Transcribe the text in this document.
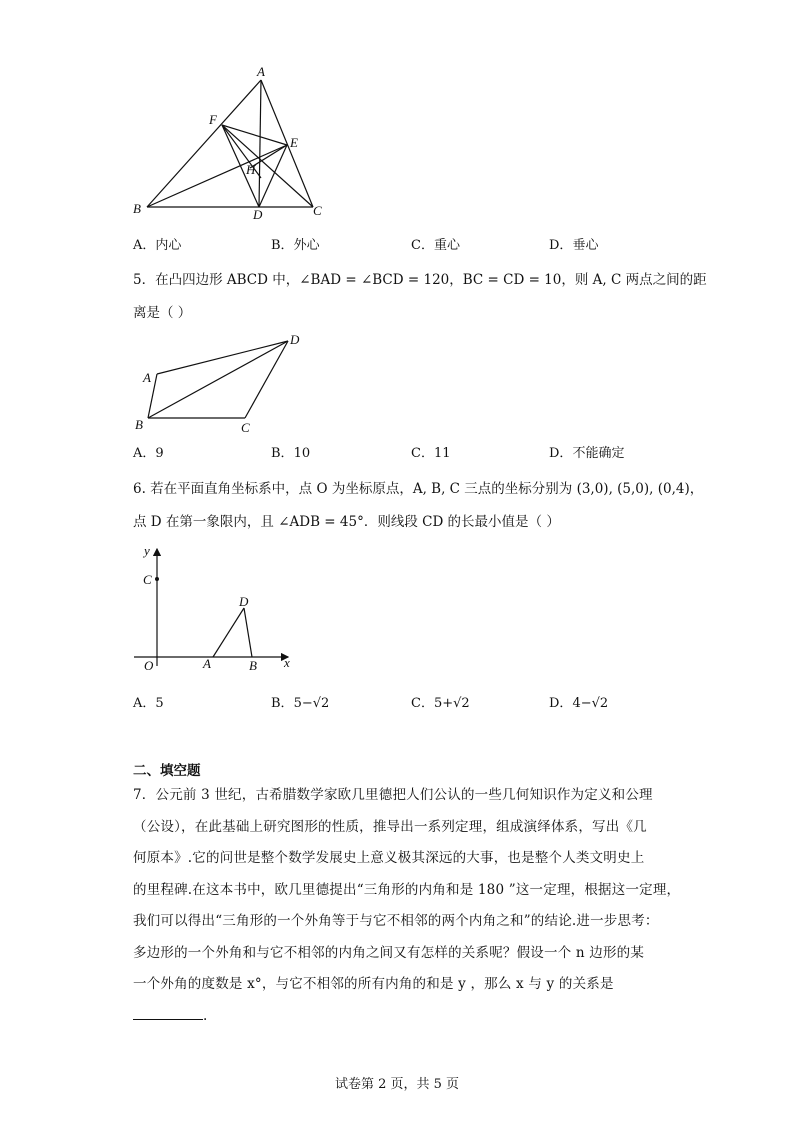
A
F
E
H
B	D	C
A．内心	B．外心	C．重心	D．垂心
5．在凸四边形 ABCD 中，∠BAD = ∠BCD = 120，BC = CD = 10，则 A, C 两点之间的距
离是（ ）
A
D
B	C
A．9	B．10	C．11	D．不能确定
6. 若在平面直角坐标系中，点 O 为坐标原点，A, B, C 三点的坐标分别为 (3,0), (5,0), (0,4)，
点 D 在第一象限内，且 ∠ADB = 45°．则线段 CD 的长最小值是（ ）
y
C
D
O	A	B x
A．5	B．5−√2	C．5+√2	D．4−√2
二、填空题
7．公元前 3 世纪，古希腊数学家欧几里德把人们公认的一些几何知识作为定义和公理
（公设），在此基础上研究图形的性质，推导出一系列定理，组成演绎体系，写出《几
何原本》.它的问世是整个数学发展史上意义极其深远的大事，也是整个人类文明史上
的里程碑.在这本书中，欧几里德提出“三角形的内角和是 180 ”这一定理，根据这一定理，
我们可以得出“三角形的一个外角等于与它不相邻的两个内角之和”的结论.进一步思考：
多边形的一个外角和与它不相邻的内角之间又有怎样的关系呢？假设一个 n 边形的某
一个外角的度数是 x°，与它不相邻的所有内角的和是 y ，那么 x 与 y 的关系是
.
试卷第 2 页，共 5 页
